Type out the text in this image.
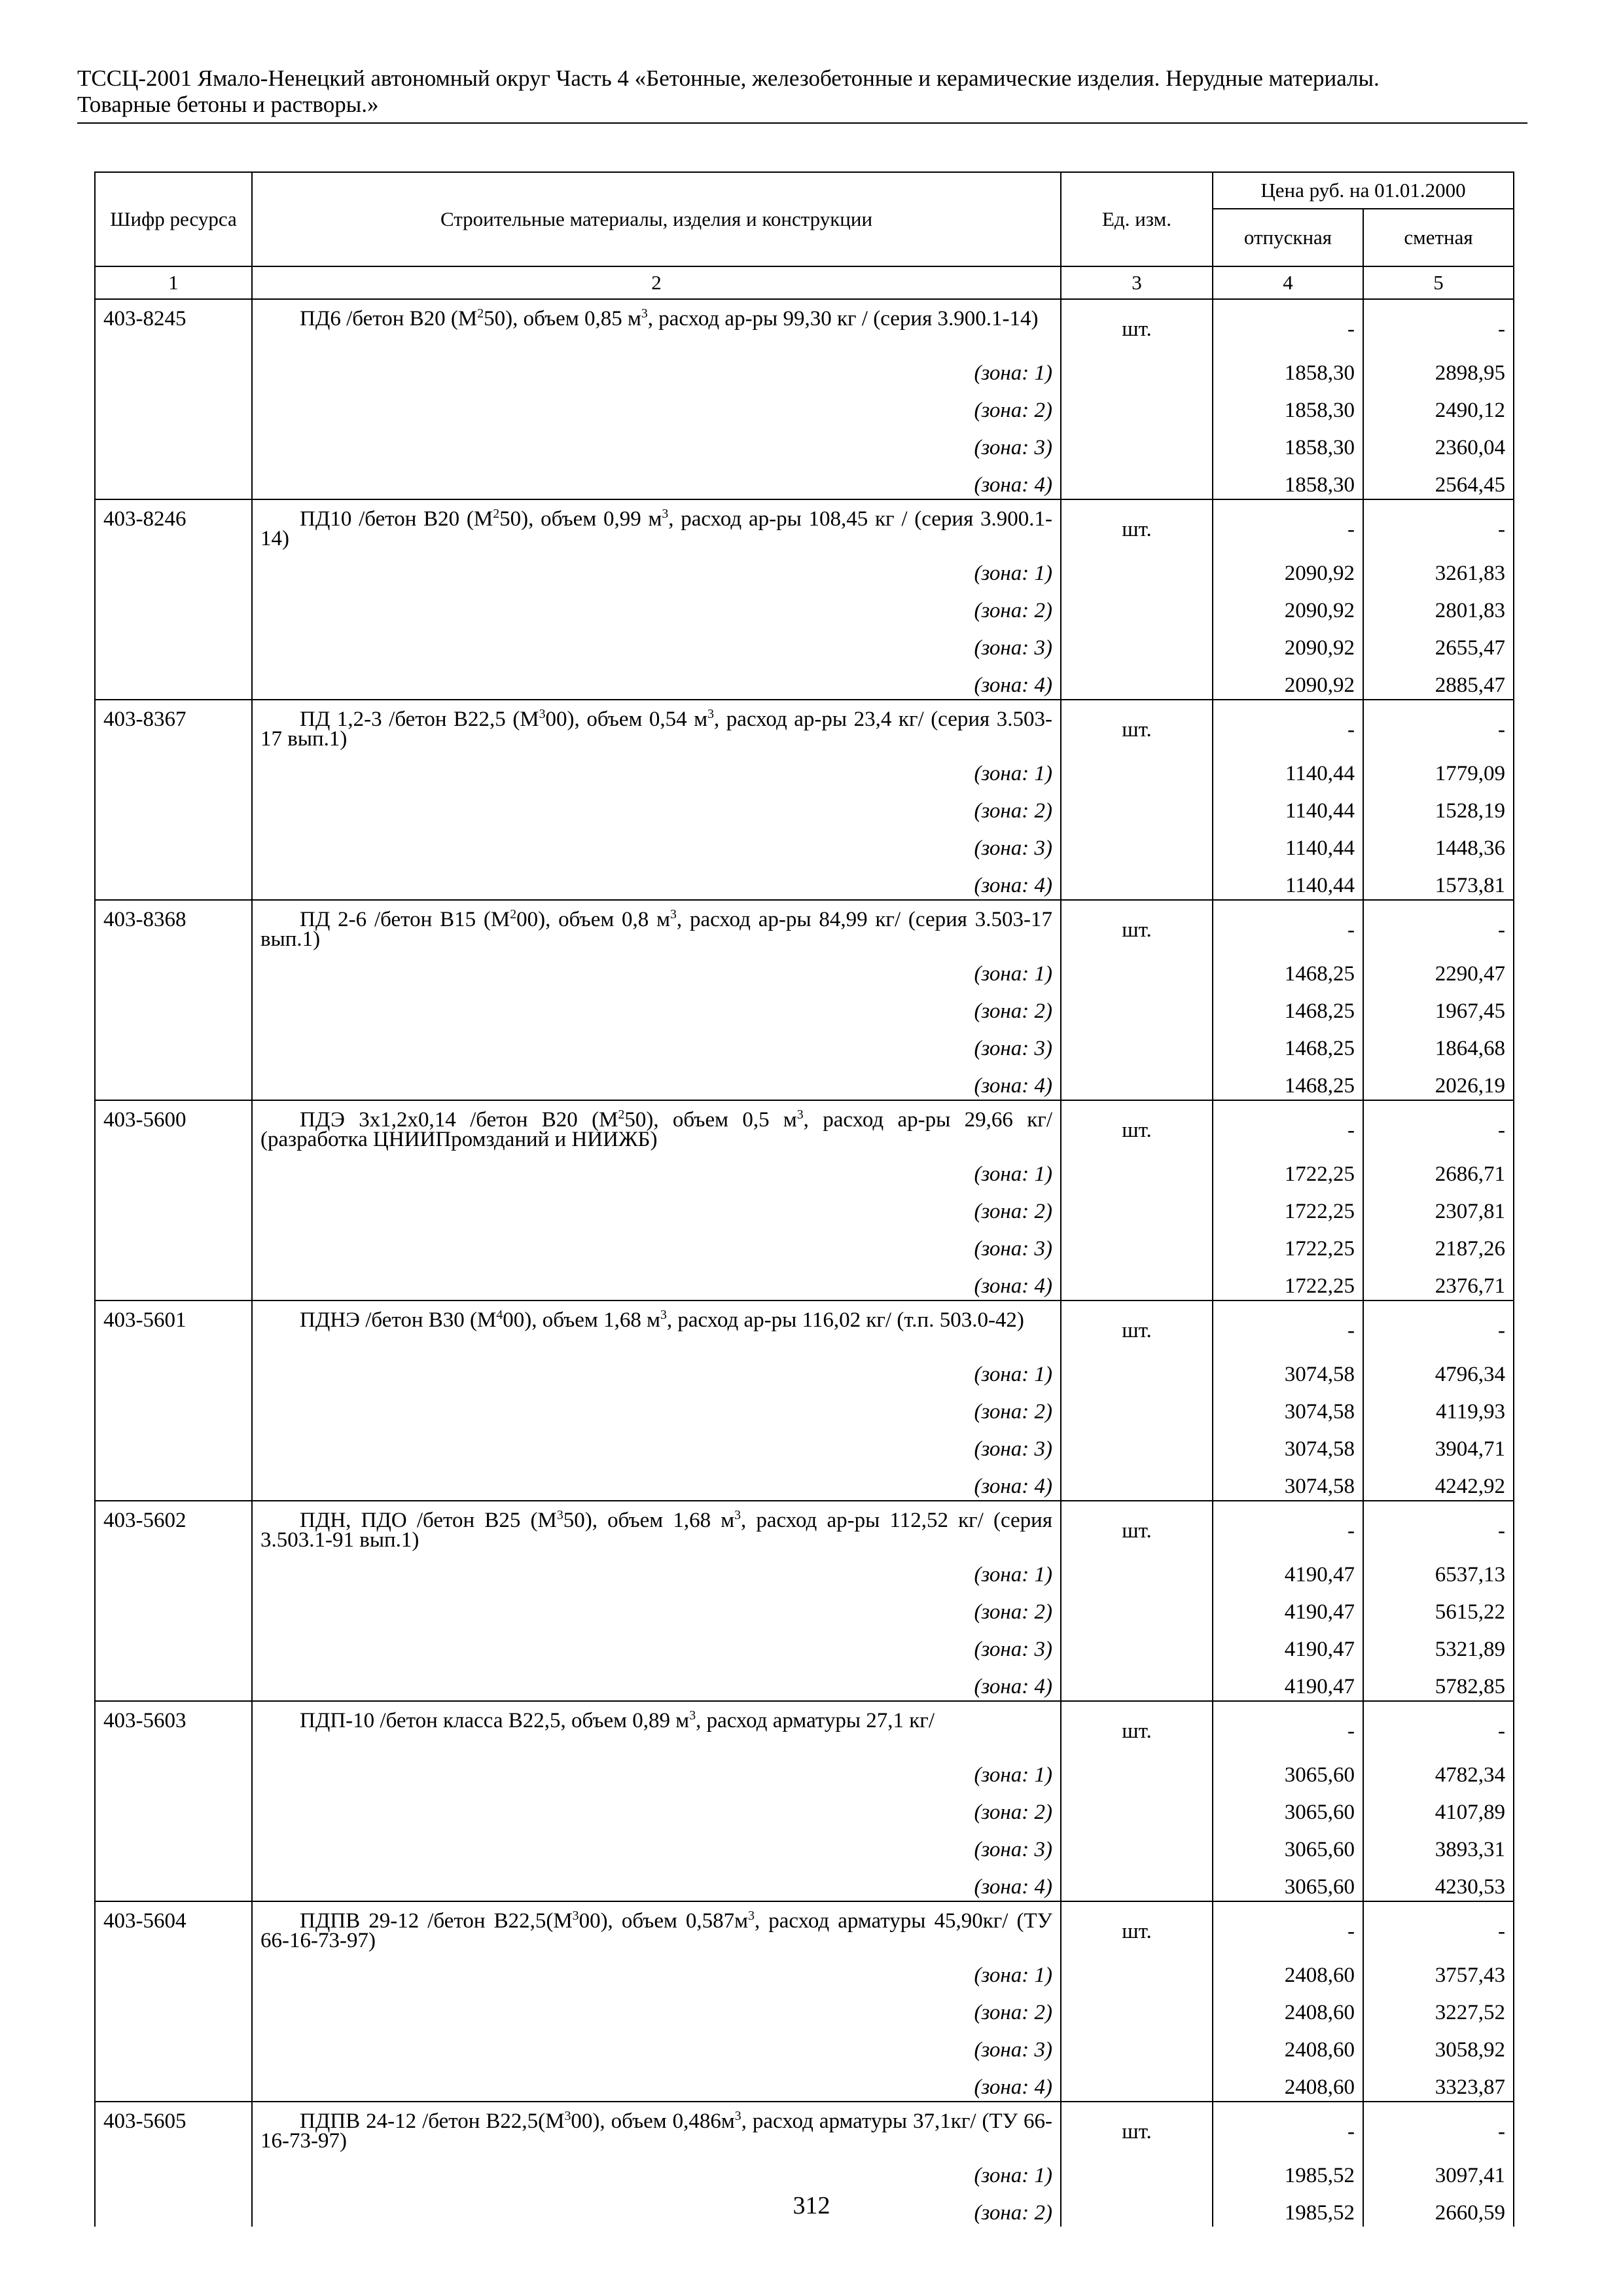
ТССЦ-2001 Ямало-Ненецкий автономный округ Часть 4 «Бетонные, железобетонные и керамические изделия. Нерудные материалы.
Товарные бетоны и растворы.»
Шифр ресурса	Строительные материалы, изделия и конструкции	Ед. изм.	Цена руб. на 01.01.2000	
			отпускная	сметная
1	2	3	4	5
403-8245	ПД6 /бетон В20 $(М^250)$, объем 0,85 $м^3$, расход ар-ры 99,30 кг / (серия 3.900.1-14)	шт.	-	-
	(зона: 1)		1858,30	2898,95
	(зона: 2)		1858,30	2490,12
	(зона: 3)		1858,30	2360,04
	(зона: 4)		1858,30	2564,45
403-8246	ПД10 /бетон В20 $(М^250)$, объем 0,99 $м^3$, расход ар-ры 108,45 кг / (серия 3.900.1-14)	шт.	-	-
	(зона: 1)		2090,92	3261,83
	(зона: 2)		2090,92	2801,83
	(зона: 3)		2090,92	2655,47
	(зона: 4)		2090,92	2885,47
403-8367	ПД 1,2-3 /бетон В22,5 $(М^300)$, объем 0,54 $м^3$, расход ар-ры 23,4 кг/ (серия 3.503-17 вып.1)	шт.	-	-
	(зона: 1)		1140,44	1779,09
	(зона: 2)		1140,44	1528,19
	(зона: 3)		1140,44	1448,36
	(зона: 4)		1140,44	1573,81
403-8368	ПД 2-6 /бетон В15 $(М^200)$, объем 0,8 $м^3$, расход ар-ры 84,99 кг/ (серия 3.503-17 вып.1)	шт.	-	-
	(зона: 1)		1468,25	2290,47
	(зона: 2)		1468,25	1967,45
	(зона: 3)		1468,25	1864,68
	(зона: 4)		1468,25	2026,19
403-5600	ПДЭ 3х1,2х0,14 /бетон В20 $(М^250)$, объем 0,5 $м^3$, расход ар-ры 29,66 кг/ (разработка ЦНИИПромзданий и НИИЖБ)	шт.	-	-
	(зона: 1)		1722,25	2686,71
	(зона: 2)		1722,25	2307,81
	(зона: 3)		1722,25	2187,26
	(зона: 4)		1722,25	2376,71
403-5601	ПДНЭ /бетон В30 $(М^400)$, объем 1,68 $м^3$, расход ар-ры 116,02 кг/ (т.п. 503.0-42)	шт.	-	-
	(зона: 1)		3074,58	4796,34
	(зона: 2)		3074,58	4119,93
	(зона: 3)		3074,58	3904,71
	(зона: 4)		3074,58	4242,92
403-5602	ПДН, ПДО /бетон В25 $(М^350)$, объем 1,68 $м^3$, расход ар-ры 112,52 кг/ (серия 3.503.1-91 вып.1)	шт.	-	-
	(зона: 1)		4190,47	6537,13
	(зона: 2)		4190,47	5615,22
	(зона: 3)		4190,47	5321,89
	(зона: 4)		4190,47	5782,85
403-5603	ПДП-10 /бетон класса В22,5, объем 0,89 $м^3$, расход арматуры 27,1 кг/	шт.	-	-
	(зона: 1)		3065,60	4782,34
	(зона: 2)		3065,60	4107,89
	(зона: 3)		3065,60	3893,31
	(зона: 4)		3065,60	4230,53
403-5604	ПДПВ 29-12 /бетон $В22,5(М^300)$, объем $0,587м^3$, расход арматуры 45,90кг/ (ТУ 66-16-73-97)	шт.	-	-
	(зона: 1)		2408,60	3757,43
	(зона: 2)		2408,60	3227,52
	(зона: 3)		2408,60	3058,92
	(зона: 4)		2408,60	3323,87
403-5605	ПДПВ 24-12 /бетон $В22,5(М^300)$, объем $0,486м^3$, расход арматуры 37,1кг/ (ТУ 66-16-73-97)	шт.	-	-
	(зона: 1)		1985,52	3097,41
	(зона: 2)		1985,52	2660,59
312
